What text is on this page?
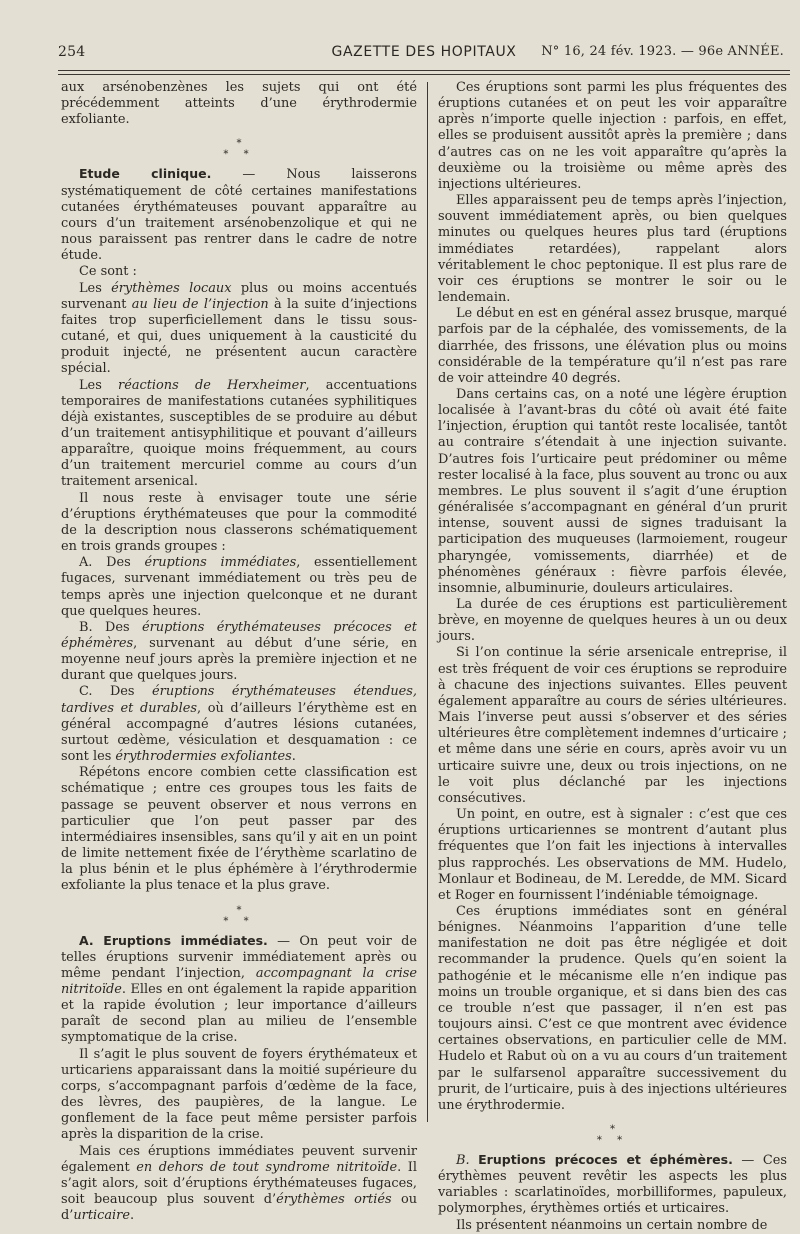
254	GAZETTE DES HOPITAUX	N° 16, 24 fév. 1923. — 96e ANNÉE.

aux arsénobenzènes les sujets qui ont été précédemment atteints d’une érythrodermie exfoliante.

*
* *

Etude clinique. — Nous laisserons systématiquement de côté certaines manifestations cutanées érythémateuses pouvant apparaître au cours d’un traitement arsénobenzolique et qui ne nous paraissent pas rentrer dans le cadre de notre étude.

Ce sont :

Les érythèmes locaux plus ou moins accentués survenant au lieu de l’injection à la suite d’injections faites trop superficiellement dans le tissu sous-cutané, et qui, dues uniquement à la causticité du produit injecté, ne présentent aucun caractère spécial.

Les réactions de Herxheimer, accentuations temporaires de manifestations cutanées syphilitiques déjà existantes, susceptibles de se produire au début d’un traitement antisyphilitique et pouvant d’ailleurs apparaître, quoique moins fréquemment, au cours d’un traitement mercuriel comme au cours d’un traitement arsenical.

Il nous reste à envisager toute une série d’éruptions érythémateuses que pour la commodité de la description nous classerons schématiquement en trois grands groupes :

A. Des éruptions immédiates, essentiellement fugaces, survenant immédiatement ou très peu de temps après une injection quelconque et ne durant que quelques heures.

B. Des éruptions érythémateuses précoces et éphémères, survenant au début d’une série, en moyenne neuf jours après la première injection et ne durant que quelques jours.

C. Des éruptions érythémateuses étendues, tardives et durables, où d’ailleurs l’érythème est en général accompagné d’autres lésions cutanées, surtout œdème, vésiculation et desquamation : ce sont les érythrodermies exfoliantes.

Répétons encore combien cette classification est schématique ; entre ces groupes tous les faits de passage se peuvent observer et nous verrons en particulier que l’on peut passer par des intermédiaires insensibles, sans qu’il y ait en un point de limite nettement fixée de l’érythème scarlatino de la plus bénin et le plus éphémère à l’érythrodermie exfoliante la plus tenace et la plus grave.

*
* *

A. Eruptions immédiates. — On peut voir de telles éruptions survenir immédiatement après ou même pendant l’injection, accompagnant la crise nitritoïde. Elles en ont également la rapide apparition et la rapide évolution ; leur importance d’ailleurs paraît de second plan au milieu de l’ensemble symptomatique de la crise.

Il s’agit le plus souvent de foyers érythémateux et urticariens apparaissant dans la moitié supérieure du corps, s’accompagnant parfois d’œdème de la face, des lèvres, des paupières, de la langue. Le gonflement de la face peut même persister parfois après la disparition de la crise.

Mais ces éruptions immédiates peuvent survenir également en dehors de tout syndrome nitritoïde. Il s’agit alors, soit d’éruptions érythémateuses fugaces, soit beaucoup plus souvent d’érythèmes ortiés ou d’urticaire.

Ces éruptions sont parmi les plus fréquentes des éruptions cutanées et on peut les voir apparaître après n’importe quelle injection : parfois, en effet, elles se produisent aussitôt après la première ; dans d’autres cas on ne les voit apparaître qu’après la deuxième ou la troisième ou même après des injections ultérieures.

Elles apparaissent peu de temps après l’injection, souvent immédiatement après, ou bien quelques minutes ou quelques heures plus tard (éruptions immédiates retardées), rappelant alors véritablement le choc peptonique. Il est plus rare de voir ces éruptions se montrer le soir ou le lendemain.

Le début en est en général assez brusque, marqué parfois par de la céphalée, des vomissements, de la diarrhée, des frissons, une élévation plus ou moins considérable de la température qu’il n’est pas rare de voir atteindre 40 degrés.

Dans certains cas, on a noté une légère éruption localisée à l’avant-bras du côté où avait été faite l’injection, éruption qui tantôt reste localisée, tantôt au contraire s’étendait à une injection suivante. D’autres fois l’urticaire peut prédominer ou même rester localisé à la face, plus souvent au tronc ou aux membres. Le plus souvent il s’agit d’une éruption généralisée s’accompagnant en général d’un prurit intense, souvent aussi de signes traduisant la participation des muqueuses (larmoiement, rougeur pharyngée, vomissements, diarrhée) et de phénomènes généraux : fièvre parfois élevée, insomnie, albuminurie, douleurs articulaires.

La durée de ces éruptions est particulièrement brève, en moyenne de quelques heures à un ou deux jours.

Si l’on continue la série arsenicale entreprise, il est très fréquent de voir ces éruptions se reproduire à chacune des injections suivantes. Elles peuvent également apparaître au cours de séries ultérieures. Mais l’inverse peut aussi s’observer et des séries ultérieures être complètement indemnes d’urticaire ; et même dans une série en cours, après avoir vu un urticaire suivre une, deux ou trois injections, on ne le voit plus déclanché par les injections consécutives.

Un point, en outre, est à signaler : c’est que ces éruptions urticariennes se montrent d’autant plus fréquentes que l’on fait les injections à intervalles plus rapprochés. Les observations de MM. Hudelo, Monlaur et Bodineau, de M. Leredde, de MM. Sicard et Roger en fournissent l’indéniable témoignage.

Ces éruptions immédiates sont en général bénignes. Néanmoins l’apparition d’une telle manifestation ne doit pas être négligée et doit recommander la prudence. Quels qu’en soient la pathogénie et le mécanisme elle n’en indique pas moins un trouble organique, et si dans bien des cas ce trouble n’est que passager, il n’en est pas toujours ainsi. C’est ce que montrent avec évidence certaines observations, en particulier celle de MM. Hudelo et Rabut où on a vu au cours d’un traitement par le sulfarsenol apparaître successivement du prurit, de l’urticaire, puis à des injections ultérieures une érythrodermie.

*
* *

B. Eruptions précoces et éphémères. — Ces érythèmes peuvent revêtir les aspects les plus variables : scarlatinoïdes, morbilliformes, papuleux, polymorphes, érythèmes ortiés et urticaires.

Ils présentent néanmoins un certain nombre de
